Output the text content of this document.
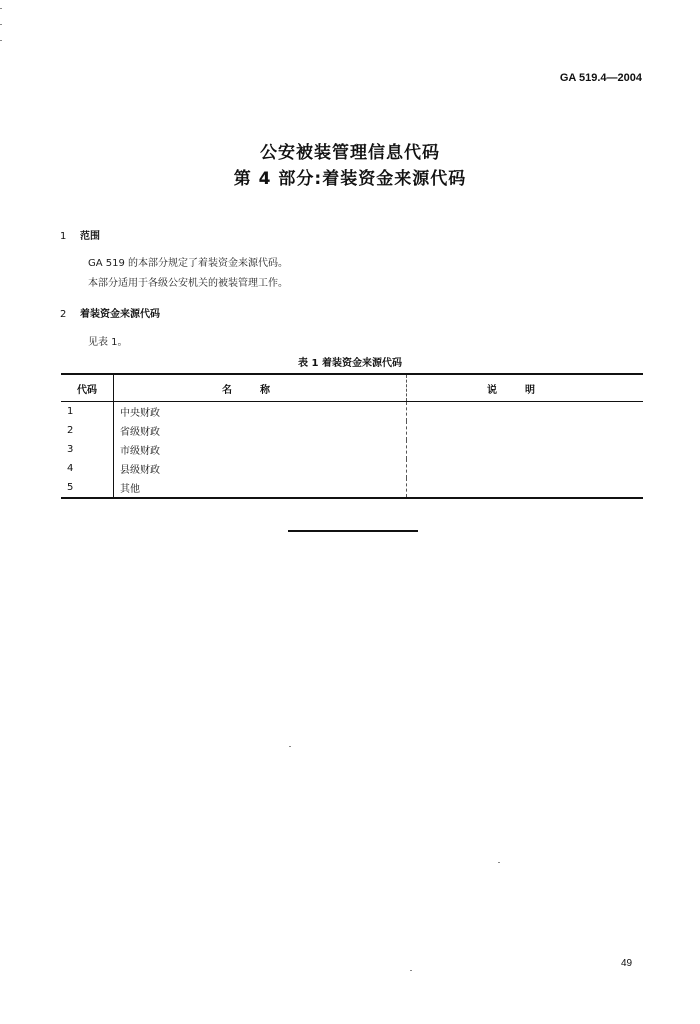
GA 519.4—2004
公安被装管理信息代码
第 4 部分:着装资金来源代码
1 范围
GA 519 的本部分规定了着装资金来源代码。
本部分适用于各级公安机关的被装管理工作。
2 着装资金来源代码
见表 1。
表 1 着装资金来源代码
代码	名称	说明
1	中央财政	
2	省级财政	
3	市级财政	
4	县级财政	
5	其他	
49
